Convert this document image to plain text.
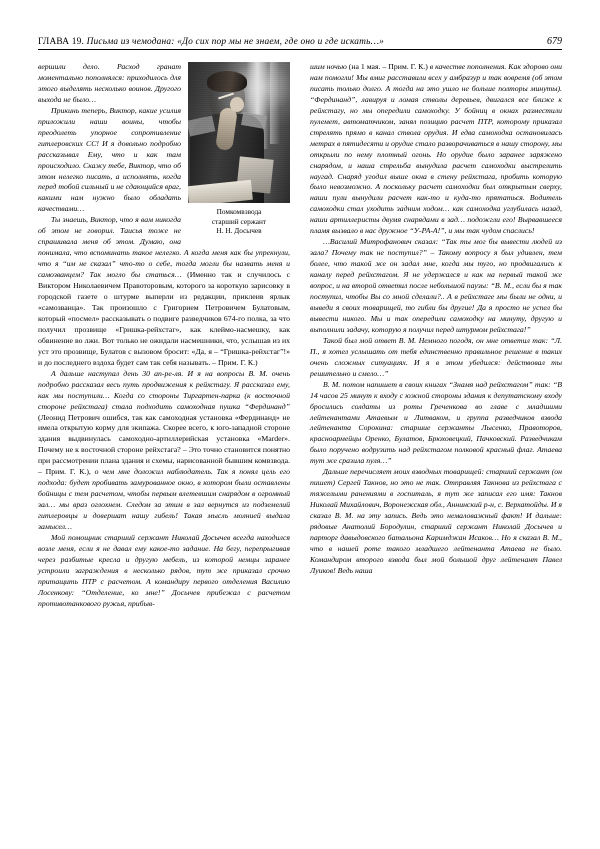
ГЛАВА 19. Письма из чемодана: «До сих пор мы не знаем, где оно и где искать…»	679
Помкомвзвода
старший сержант
Н. Н. Досычев

вершили дело. Расход гранат моментально пополнялся: приходилось для этого выделять несколько воинов. Другого выхода не было…

Прикинь теперь, Виктор, какие усилия приложили наши воины, чтобы преодолеть упорное сопротивление гитлеровских СС! И я довольно подробно рассказывал Ему, что и как там происходило. Скажу тебе, Виктор, что об этом нелегко писать, а исполнять, когда перед тобой сильный и не сдающийся враг, какими нам нужно было обладать качествами…

Ты знаешь, Виктор, что я вам никогда об этом не говорил. Таисья тоже не спрашивала меня об этом. Думаю, она понимала, что вспоминать такое нелегко. А когда меня как бы упрекнули, что я “им не сказал” что-то о себе, тогда могли бы назвать меня и самозванцем? Так могло бы статься… (Именно так и случилось с Виктором Николаевичем Правоторовым, которого за короткую зарисовку в городской газете о штурме выперли из редакции, приклеив ярлык «самозванца». Так произошло с Григорием Петровичем Булатовым, который «посмел» рассказывать о подвиге разведчиков 674-го полка, за что получил прозвище «Гришка-рейхстаг», как клеймо-насмешку, как обвинение во лжи. Вот только не ожидали насмешники, что, услышав из их уст это прозвище, Булатов с вызовом бросит: «Да, я – “Гришка-рейхстаг”!» и до последнего вздоха будет сам так себя называть. – Прим. Г. К.)

А дальше наступал день 30 ап-ре-ля. И я на вопросы В. М. очень подробно рассказал весь путь продвижения к рейхстагу. Я рассказал ему, как мы поступили… Когда со стороны Тиргартен-парка (к восточной стороне рейхстага) стала подходить самоходная пушка “Фердинанд” (Леонид Петрович ошибся, так как самоходная установка «Фердинанд» не имела открытую корму для экипажа. Скорее всего, к юго-западной стороне здания выдвинулась самоходно-артиллерийская установка «Marder». Почему не к восточной стороне рейхстага? – Это точно становится понятно при рассмотрении плана здания и схемы, нарисованной бывшим комвзвода. – Прим. Г. К.), о чем мне доложил наблюдатель. Так я понял цель его подхода: будет пробивать замурованное окно, в котором были оставлены бойницы с тем расчетом, чтобы первым влетевшим снарядом в огромный зал… мы враз оглохнем. Следом за этим в зал вернутся из подземелий гитлеровцы и довершат нашу гибель! Такая мысль молнией выдала замысел…

Мой помощник старший сержант Николай Досычев всегда находился возле меня, если я не давал ему какое-то задание. На бегу, перепрыгивая через разбитые кресла и другую мебель, из которой немцы заранее устроили заграждения в несколько рядов, тут же приказал срочно притащить ПТР с расчетом. А командиру первого отделения Василию Лосенкову: “Отделение, ко мне!” Досычев прибежал с расчетом противотанкового ружья, прибыв-

шим ночью (на 1 мая. – Прим. Г. К.) в качестве пополнения. Как здорово они нам помогли! Мы вмиг расставили всех у амбразур и так вовремя (об этом писать только долго. А тогда на это ушло не больше полторы минуты). “Фердинанд”, лавируя и ломая стволы деревьев, двигался все ближе к рейхстагу, но мы опередили самоходку. У бойниц в окнах разместили пулемет, автоматчиком, занял позицию расчет ПТР, которому приказал стрелять прямо в канал ствола орудия. И едва самоходка остановилась метрах в пятидесяти и орудие стало разворачиваться в нашу сторону, мы открыли по нему плотный огонь. Но орудие было заранее заряжено снарядом, и наша стрельба вынудила расчет самоходки выстрелить наугад. Снаряд угодил выше окна в стену рейхстага, пробить которую было невозможно. А поскольку расчет самоходки был открытым сверху, наши пули вынудили расчет как-то и куда-то прятаться. Водитель самоходки стал уходить задним ходом… как самоходка углубилась назад, наши артиллеристы двумя снарядами в зад… подожгли его! Вырвавшееся пламя вызвало в нас дружное “У-РА-А!”, и мы так чудом спаслись!

…Василий Митрофанович сказал: “Так ты мог бы вывести людей из зала? Почему так не поступил?” – Такому вопросу я был удивлен, тем более, что такой же он задал мне, когда мы туго, но продвигались к каналу перед рейхстагом. Я не удержался и как на первый такой же вопрос, и на второй ответил после небольшой паузы: “В. М., если бы я так поступил, чтобы Вы со мной сделали?.. А в рейхстаге мы были не одни, и выведи я своих товарищей, то гибли бы другие! Да я просто не успел бы вывести никого. Мы и так опередили самоходку на минуту, другую и выполнили задачу, которую я получил перед штурмом рейхстага!”

Такой был мой ответ В. М. Немного погодя, он мне ответил так: “Л. П., я хотел услышать от тебя единственно правильное решение в таких очень сложных ситуациях. И я в этом убедился: действовал ты решительно и смело…”

В. М. потом напишет в своих книгах “Знамя над рейхстагом” так: “В 14 часов 25 минут к входу с южной стороны здания к депутатскому входу бросились солдаты из роты Греченкова во главе с младшими лейтенантами Атаевым и Литваком, и группа разведчиков взвода лейтенанта Сорокина: старшие сержанты Лысенко, Правоторов, красноармейцы Оренко, Булатов, Брюховецкий, Пачковский. Разведчикам было поручено водрузить над рейхстагом полковой красный флаг. Атаева тут же сразила пуля…”

Дальше перечисляет моих взводных товарищей: старший сержант (он пишет) Сергей Такнов, но это не так. Отправляя Такнова из рейхстага с тяжелыми ранениями в госпиталь, я тут же записал его имя: Такнов Николай Михайлович, Воронежская обл., Аннинский р-н, с. Верхатойды. И я сказал В. М. на эту запись. Ведь это немаловажный факт! И дальше: рядовые Анатолий Бородулин, старший сержант Николай Досычев и парторг давыдовского батальона Каримджан Исаков… Но я сказал В. М., что в нашей роте такого младшего лейтенанта Атаева не было. Командиром второго взвода был мой большой друг лейтенант Павел Луиков! Ведь наша
